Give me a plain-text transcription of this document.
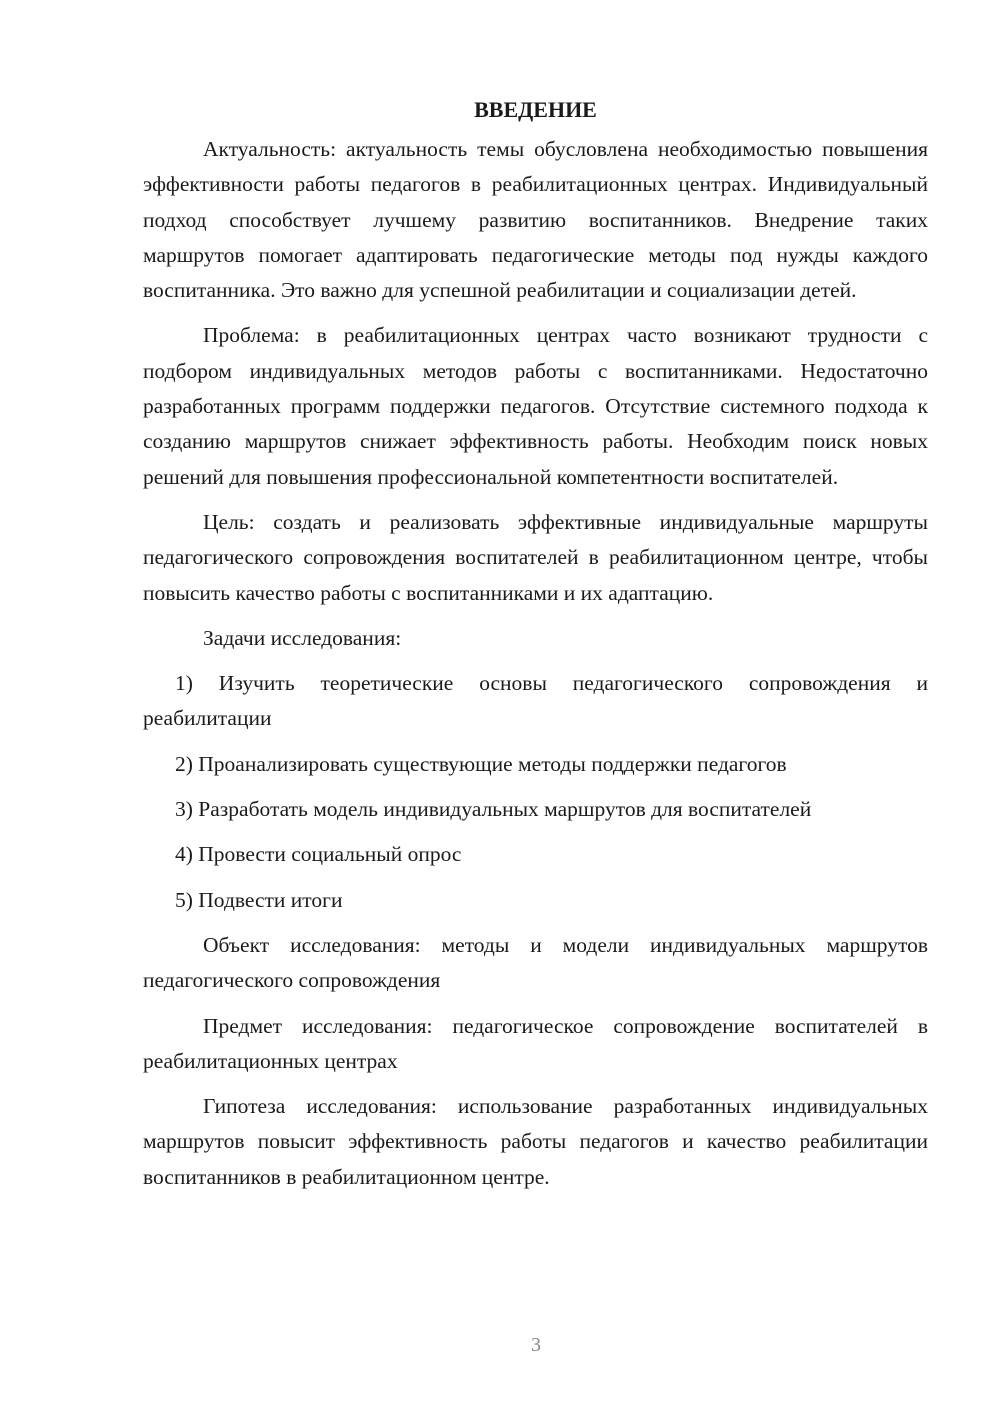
ВВЕДЕНИЕ

Актуальность: актуальность темы обусловлена необходимостью повышения эффективности работы педагогов в реабилитационных центрах. Индивидуальный подход способствует лучшему развитию воспитанников. Внедрение таких маршрутов помогает адаптировать педагогические методы под нужды каждого воспитанника. Это важно для успешной реабилитации и социализации детей.

Проблема: в реабилитационных центрах часто возникают трудности с подбором индивидуальных методов работы с воспитанниками. Недостаточно разработанных программ поддержки педагогов. Отсутствие системного подхода к созданию маршрутов снижает эффективность работы. Необходим поиск новых решений для повышения профессиональной компетентности воспитателей.

Цель: создать и реализовать эффективные индивидуальные маршруты педагогического сопровождения воспитателей в реабилитационном центре, чтобы повысить качество работы с воспитанниками и их адаптацию.

Задачи исследования:

1) Изучить теоретические основы педагогического сопровождения и реабилитации

2) Проанализировать существующие методы поддержки педагогов

3) Разработать модель индивидуальных маршрутов для воспитателей

4) Провести социальный опрос

5) Подвести итоги

Объект исследования: методы и модели индивидуальных маршрутов педагогического сопровождения

Предмет исследования: педагогическое сопровождение воспитателей в реабилитационных центрах

Гипотеза исследования: использование разработанных индивидуальных маршрутов повысит эффективность работы педагогов и качество реабилитации воспитанников в реабилитационном центре.

3
